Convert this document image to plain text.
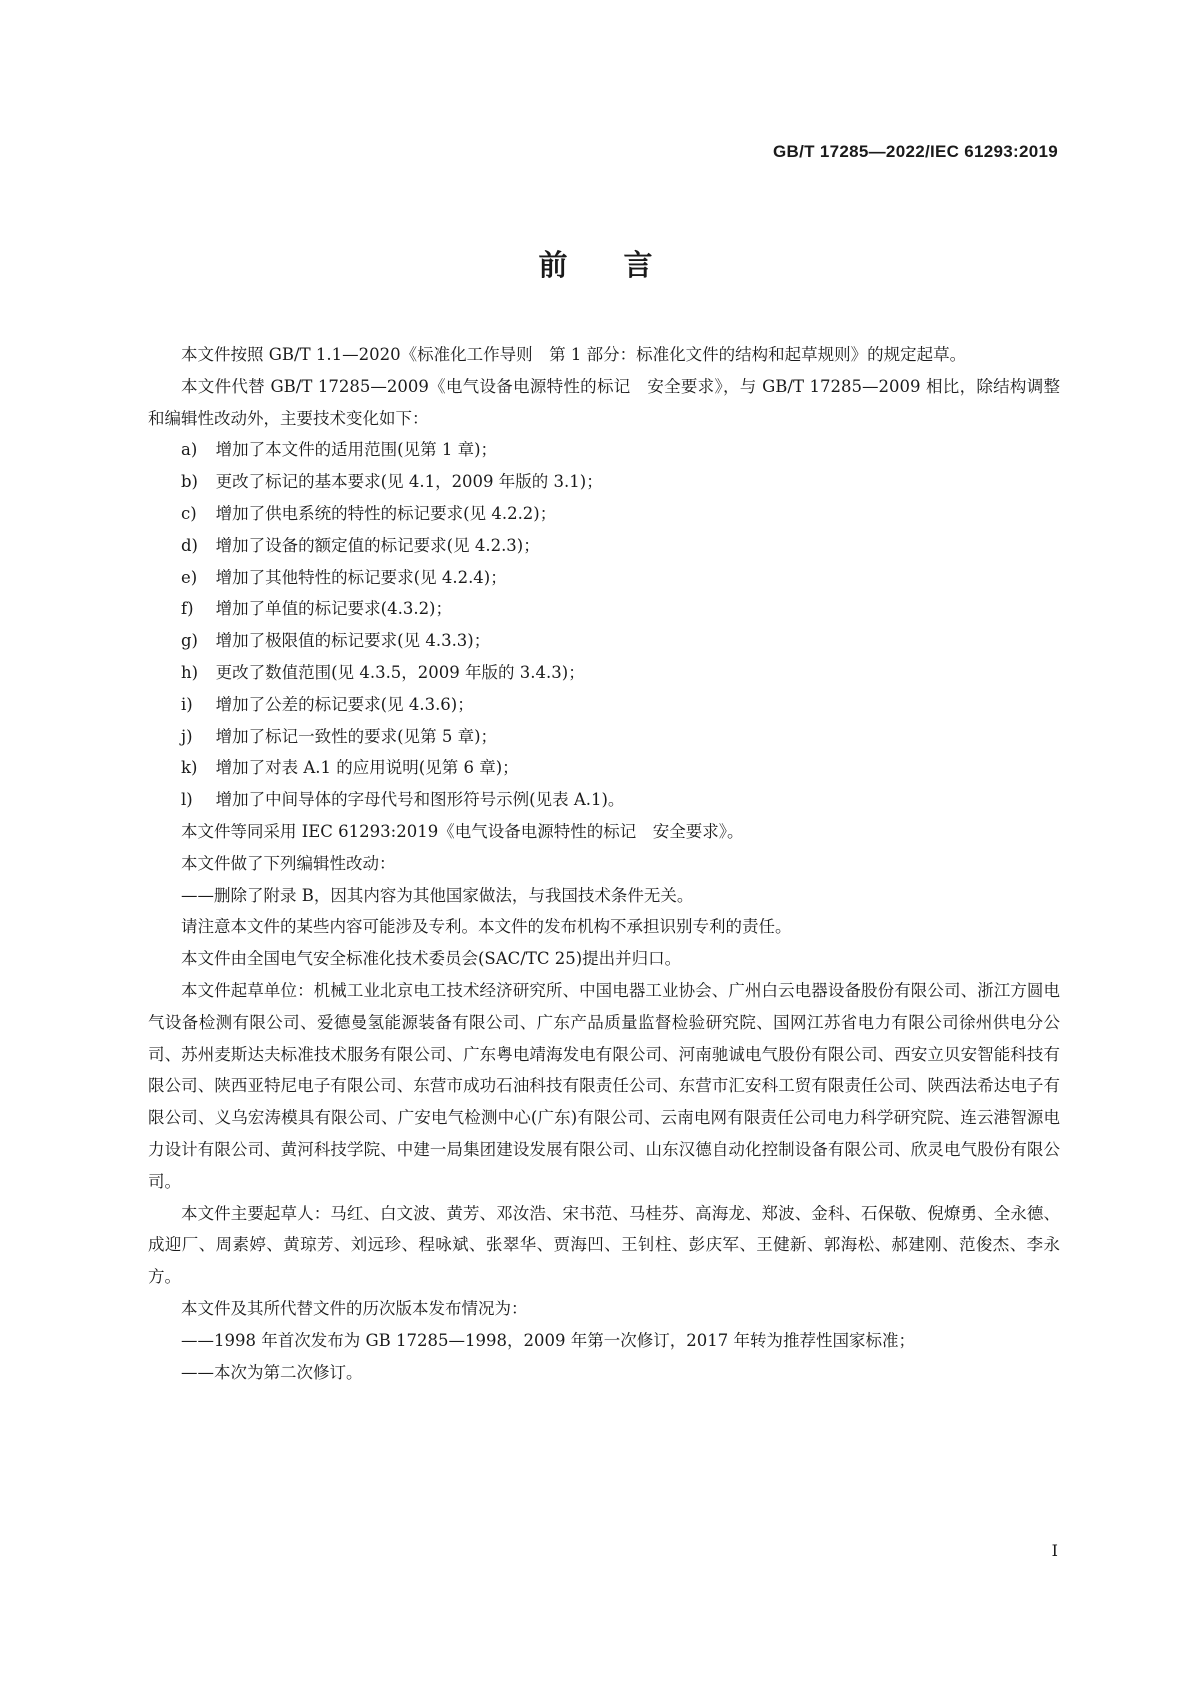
GB/T 17285—2022/IEC 61293:2019
前言

本文件按照 GB/T 1.1—2020《标准化工作导则　第 1 部分：标准化文件的结构和起草规则》的规定起草。

本文件代替 GB/T 17285—2009《电气设备电源特性的标记　安全要求》，与 GB/T 17285—2009 相比，除结构调整和编辑性改动外，主要技术变化如下：

a) 增加了本文件的适用范围(见第 1 章)；

b) 更改了标记的基本要求(见 4.1，2009 年版的 3.1)；

c) 增加了供电系统的特性的标记要求(见 4.2.2)；

d) 增加了设备的额定值的标记要求(见 4.2.3)；

e) 增加了其他特性的标记要求(见 4.2.4)；

f) 增加了单值的标记要求(4.3.2)；

g) 增加了极限值的标记要求(见 4.3.3)；

h) 更改了数值范围(见 4.3.5，2009 年版的 3.4.3)；

i) 增加了公差的标记要求(见 4.3.6)；

j) 增加了标记一致性的要求(见第 5 章)；

k) 增加了对表 A.1 的应用说明(见第 6 章)；

l) 增加了中间导体的字母代号和图形符号示例(见表 A.1)。

本文件等同采用 IEC 61293:2019《电气设备电源特性的标记　安全要求》。

本文件做了下列编辑性改动：

——删除了附录 B，因其内容为其他国家做法，与我国技术条件无关。

请注意本文件的某些内容可能涉及专利。本文件的发布机构不承担识别专利的责任。

本文件由全国电气安全标准化技术委员会(SAC/TC 25)提出并归口。

本文件起草单位：机械工业北京电工技术经济研究所、中国电器工业协会、广州白云电器设备股份有限公司、浙江方圆电气设备检测有限公司、爱德曼氢能源装备有限公司、广东产品质量监督检验研究院、国网江苏省电力有限公司徐州供电分公司、苏州麦斯达夫标准技术服务有限公司、广东粤电靖海发电有限公司、河南驰诚电气股份有限公司、西安立贝安智能科技有限公司、陕西亚特尼电子有限公司、东营市成功石油科技有限责任公司、东营市汇安科工贸有限责任公司、陕西法希达电子有限公司、义乌宏涛模具有限公司、广安电气检测中心(广东)有限公司、云南电网有限责任公司电力科学研究院、连云港智源电力设计有限公司、黄河科技学院、中建一局集团建设发展有限公司、山东汉德自动化控制设备有限公司、欣灵电气股份有限公司。

本文件主要起草人：马红、白文波、黄芳、邓汝浩、宋书范、马桂芬、高海龙、郑波、金科、石保敬、倪燎勇、全永德、成迎厂、周素婷、黄琼芳、刘远珍、程咏斌、张翠华、贾海凹、王钊柱、彭庆军、王健新、郭海松、郝建刚、范俊杰、李永方。

本文件及其所代替文件的历次版本发布情况为：

——1998 年首次发布为 GB 17285—1998，2009 年第一次修订，2017 年转为推荐性国家标准；

——本次为第二次修订。

I
